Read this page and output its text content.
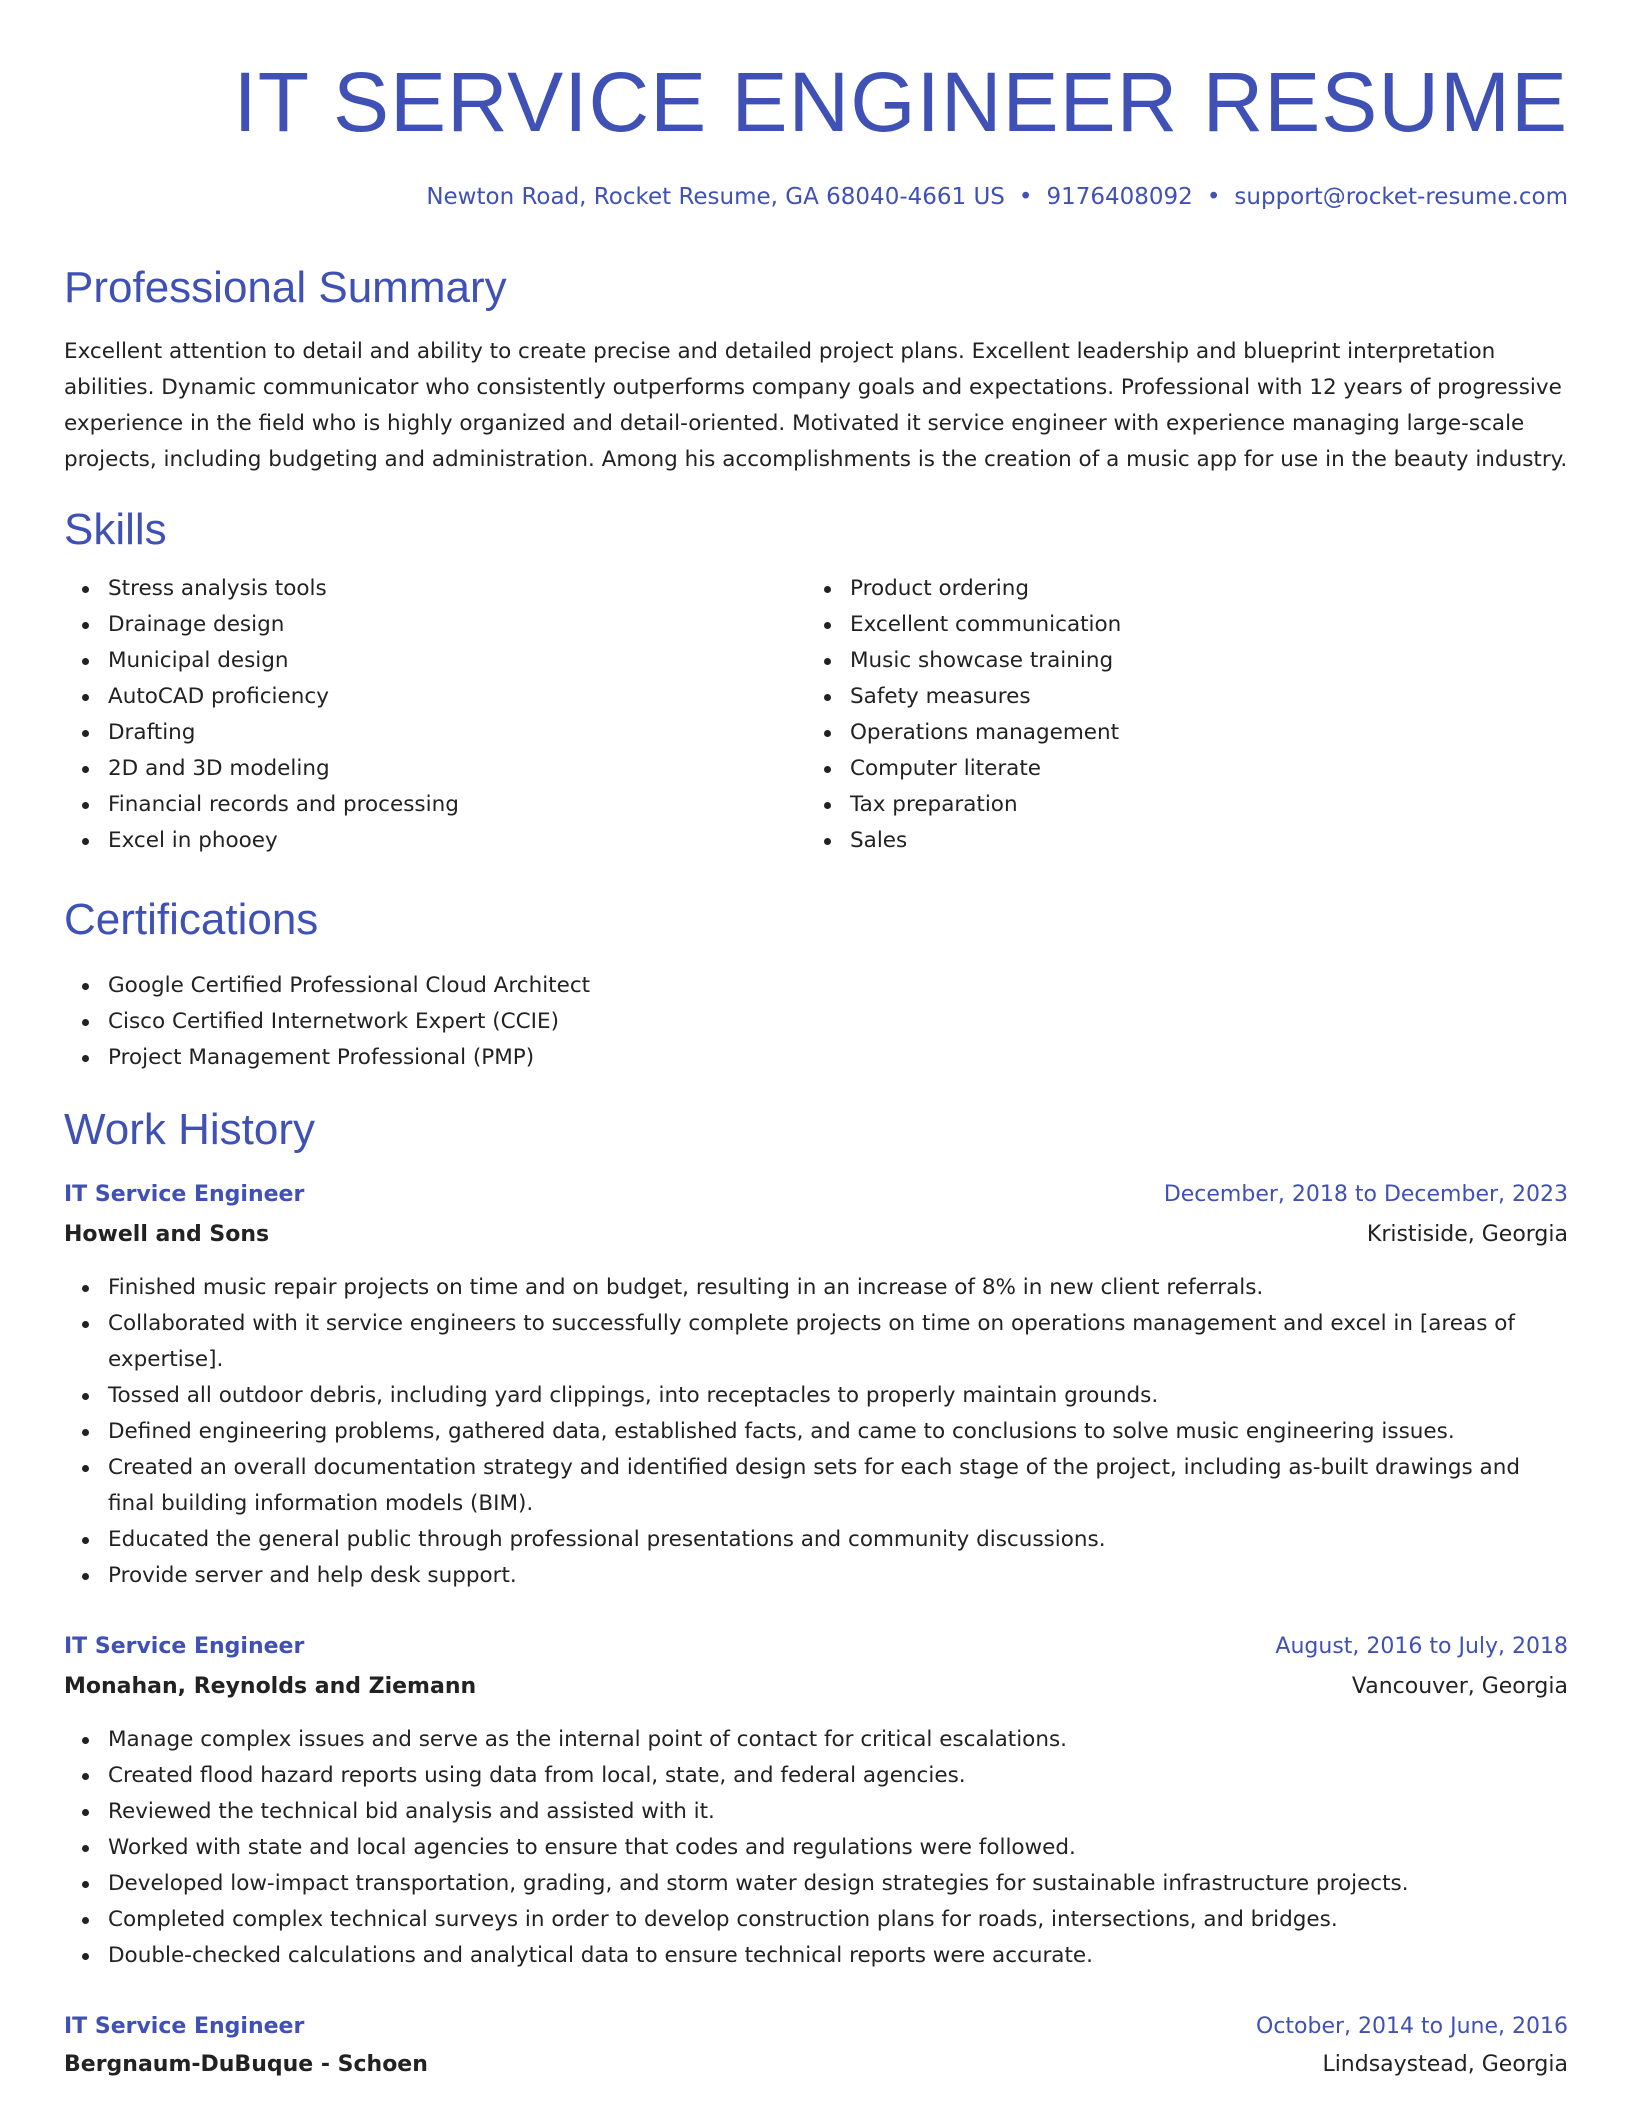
IT SERVICE ENGINEER RESUME
Newton Road, Rocket Resume, GA 68040-4661 US • 9176408092 • support@rocket-resume.com
Professional Summary

Excellent attention to detail and ability to create precise and detailed project plans. Excellent leadership and blueprint interpretation abilities. Dynamic communicator who consistently outperforms company goals and expectations. Professional with 12 years of progressive experience in the field who is highly organized and detail-oriented. Motivated it service engineer with experience managing large-scale projects, including budgeting and administration. Among his accomplishments is the creation of a music app for use in the beauty industry.

Skills
Stress analysis tools
Drainage design
Municipal design
AutoCAD proficiency
Drafting
2D and 3D modeling
Financial records and processing
Excel in phooey
Product ordering
Excellent communication
Music showcase training
Safety measures
Operations management
Computer literate
Tax preparation
Sales
Certifications
Google Certified Professional Cloud Architect
Cisco Certified Internetwork Expert (CCIE)
Project Management Professional (PMP)
Work History
IT Service Engineer	December, 2018 to December, 2023
Howell and Sons	Kristiside, Georgia
Finished music repair projects on time and on budget, resulting in an increase of 8% in new client referrals.
Collaborated with it service engineers to successfully complete projects on time on operations management and excel in [areas of expertise].
Tossed all outdoor debris, including yard clippings, into receptacles to properly maintain grounds.
Defined engineering problems, gathered data, established facts, and came to conclusions to solve music engineering issues.
Created an overall documentation strategy and identified design sets for each stage of the project, including as-built drawings and final building information models (BIM).
Educated the general public through professional presentations and community discussions.
Provide server and help desk support.
IT Service Engineer	August, 2016 to July, 2018
Monahan, Reynolds and Ziemann	Vancouver, Georgia
Manage complex issues and serve as the internal point of contact for critical escalations.
Created flood hazard reports using data from local, state, and federal agencies.
Reviewed the technical bid analysis and assisted with it.
Worked with state and local agencies to ensure that codes and regulations were followed.
Developed low-impact transportation, grading, and storm water design strategies for sustainable infrastructure projects.
Completed complex technical surveys in order to develop construction plans for roads, intersections, and bridges.
Double-checked calculations and analytical data to ensure technical reports were accurate.
IT Service Engineer	October, 2014 to June, 2016
Bergnaum-DuBuque - Schoen	Lindsaystead, Georgia
